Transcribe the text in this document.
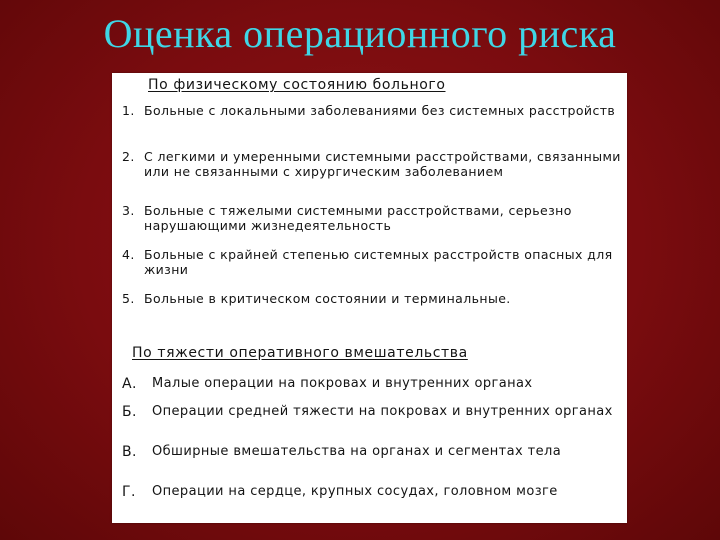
Оценка операционного риска
По физическому состоянию больного
1. Больные с локальными заболеваниями без системных расстройств
2. С легкими и умеренными системными расстройствами, связанными или не связанными с хирургическим заболеванием
3. Больные с тяжелыми системными расстройствами, серьезно нарушающими жизнедеятельность
4. Больные с крайней степенью системных расстройств опасных для жизни
5. Больные в критическом состоянии и терминальные.
По тяжести оперативного вмешательства
А.	Малые операции на покровах и внутренних органах
Б.	Операции средней тяжести на покровах и внутренних органах
В.	Обширные вмешательства на органах и сегментах тела
Г.	Операции на сердце, крупных сосудах, головном мозге
